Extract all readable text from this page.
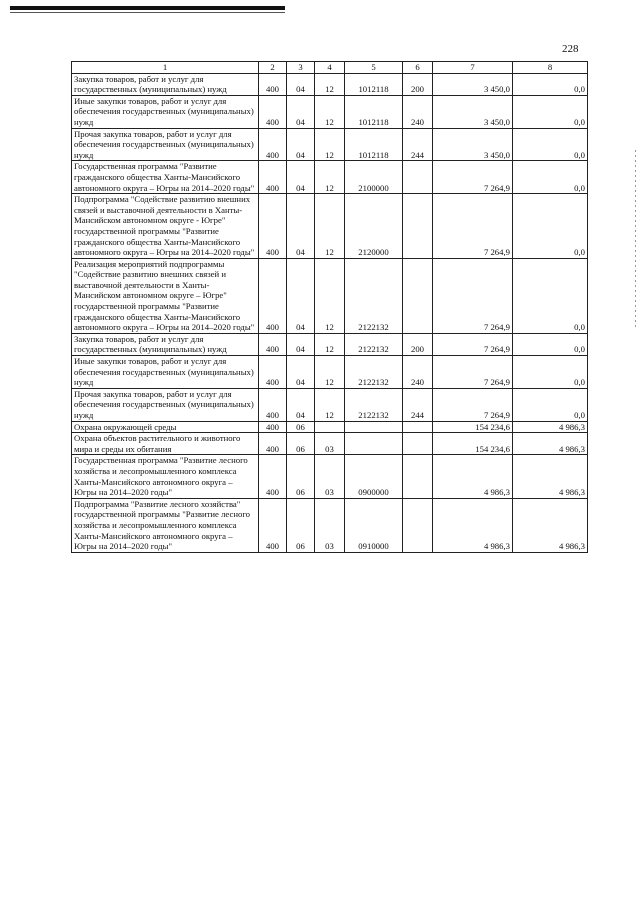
228
1	2	3	4	5	6	7	8
Закупка товаров, работ и услуг для государственных (муниципальных) нужд	400	04	12	1012118	200	3 450,0	0,0
Иные закупки товаров, работ и услуг для обеспечения государственных (муниципальных) нужд	400	04	12	1012118	240	3 450,0	0,0
Прочая закупка товаров, работ и услуг для обеспечения государственных (муниципальных) нужд	400	04	12	1012118	244	3 450,0	0,0
Государственная программа "Развитие гражданского общества Ханты-Мансийского автономного округа – Югры на 2014–2020 годы"	400	04	12	2100000		7 264,9	0,0
Подпрограмма "Содействие развитию внешних связей и выставочной деятельности в Ханты-Мансийском автономном округе - Югре" государственной программы "Развитие гражданского общества Ханты-Мансийского автономного округа – Югры на 2014–2020 годы"	400	04	12	2120000		7 264,9	0,0
Реализация мероприятий подпрограммы "Содействие развитию внешних связей и выставочной деятельности в Ханты-Мансийском автономном округе – Югре" государственной программы "Развитие гражданского общества Ханты-Мансийского автономного округа – Югры на 2014–2020 годы"	400	04	12	2122132		7 264,9	0,0
Закупка товаров, работ и услуг для государственных (муниципальных) нужд	400	04	12	2122132	200	7 264,9	0,0
Иные закупки товаров, работ и услуг для обеспечения государственных (муниципальных) нужд	400	04	12	2122132	240	7 264,9	0,0
Прочая закупка товаров, работ и услуг для обеспечения государственных (муниципальных) нужд	400	04	12	2122132	244	7 264,9	0,0
Охрана окружающей среды	400	06				154 234,6	4 986,3
Охрана объектов растительного и животного мира и среды их обитания	400	06	03			154 234,6	4 986,3
Государственная программа "Развитие лесного хозяйства и лесопромышленного комплекса Ханты-Мансийского автономного округа – Югры на 2014–2020 годы"	400	06	03	0900000		4 986,3	4 986,3
Подпрограмма "Развитие лесного хозяйства" государственной программы "Развитие лесного хозяйства и лесопромышленного комплекса Ханты-Мансийского автономного округа – Югры на 2014–2020 годы"	400	06	03	0910000		4 986,3	4 986,3
